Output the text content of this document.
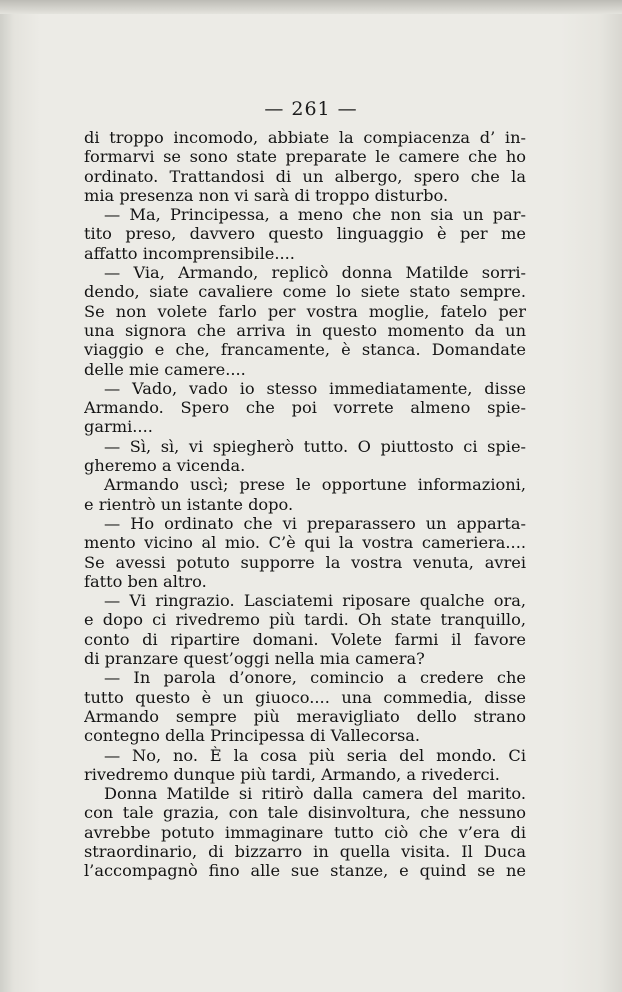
— 261 —
di troppo incomodo, abbiate la compiacenza d’ in-
formarvi se sono state preparate le camere che ho
ordinato. Trattandosi di un albergo, spero che la
mia presenza non vi sarà di troppo disturbo.
— Ma, Principessa, a meno che non sia un par-
tito preso, davvero questo linguaggio è per me
affatto incomprensibile....
— Via, Armando, replicò donna Matilde sorri-
dendo, siate cavaliere come lo siete stato sempre.
Se non volete farlo per vostra moglie, fatelo per
una signora che arriva in questo momento da un
viaggio e che, francamente, è stanca. Domandate
delle mie camere....
— Vado, vado io stesso immediatamente, disse
Armando. Spero che poi vorrete almeno spie-
garmi....
— Sì, sì, vi spiegherò tutto. O piuttosto ci spie-
gheremo a vicenda.
Armando uscì; prese le opportune informazioni,
e rientrò un istante dopo.
— Ho ordinato che vi preparassero un apparta-
mento vicino al mio. C’è qui la vostra cameriera....
Se avessi potuto supporre la vostra venuta, avrei
fatto ben altro.
— Vi ringrazio. Lasciatemi riposare qualche ora,
e dopo ci rivedremo più tardi. Oh state tranquillo,
conto di ripartire domani. Volete farmi il favore
di pranzare quest’oggi nella mia camera?
— In parola d’onore, comincio a credere che
tutto questo è un giuoco.... una commedia, disse
Armando sempre più meravigliato dello strano
contegno della Principessa di Vallecorsa.
— No, no. È la cosa più seria del mondo. Ci
rivedremo dunque più tardi, Armando, a rivederci.
Donna Matilde si ritirò dalla camera del marito.
con tale grazia, con tale disinvoltura, che nessuno
avrebbe potuto immaginare tutto ciò che v’era di
straordinario, di bizzarro in quella visita. Il Duca
l’accompagnò fino alle sue stanze, e quind se ne
